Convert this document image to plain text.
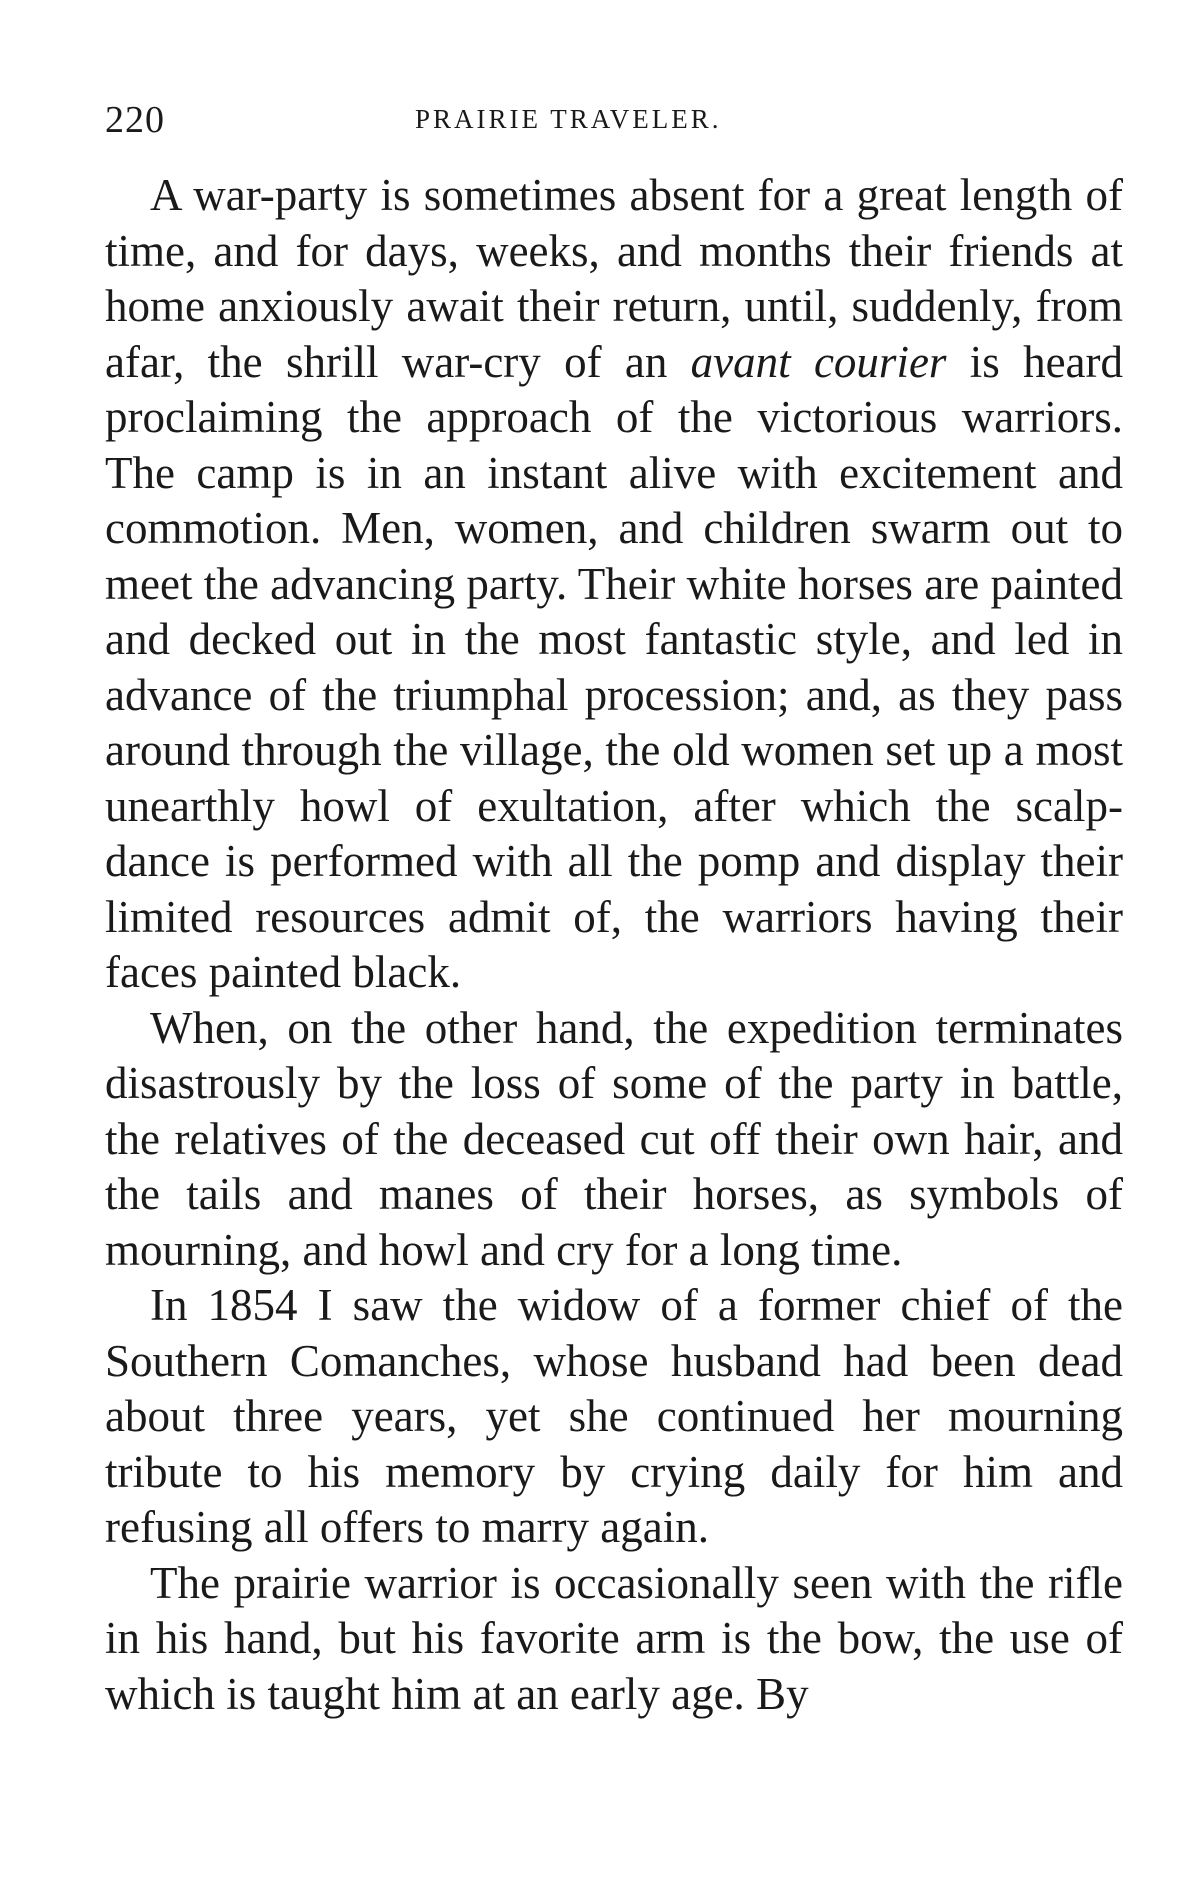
220	PRAIRIE TRAVELER.

A war-party is sometimes absent for a great length of time, and for days, weeks, and months their friends at home anxiously await their return, until, suddenly, from afar, the shrill war-cry of an avant courier is heard proclaiming the approach of the victorious warriors. The camp is in an instant alive with excitement and commotion. Men, women, and children swarm out to meet the advancing party. Their white horses are painted and decked out in the most fantastic style, and led in advance of the triumphal procession; and, as they pass around through the village, the old women set up a most unearthly howl of exultation, after which the scalp-dance is performed with all the pomp and display their limited resources admit of, the warriors having their faces painted black.

When, on the other hand, the expedition terminates disastrously by the loss of some of the party in battle, the relatives of the deceased cut off their own hair, and the tails and manes of their horses, as symbols of mourning, and howl and cry for a long time.

In 1854 I saw the widow of a former chief of the Southern Comanches, whose husband had been dead about three years, yet she continued her mourning tribute to his memory by crying daily for him and refusing all offers to marry again.

The prairie warrior is occasionally seen with the rifle in his hand, but his favorite arm is the bow, the use of which is taught him at an early age. By
